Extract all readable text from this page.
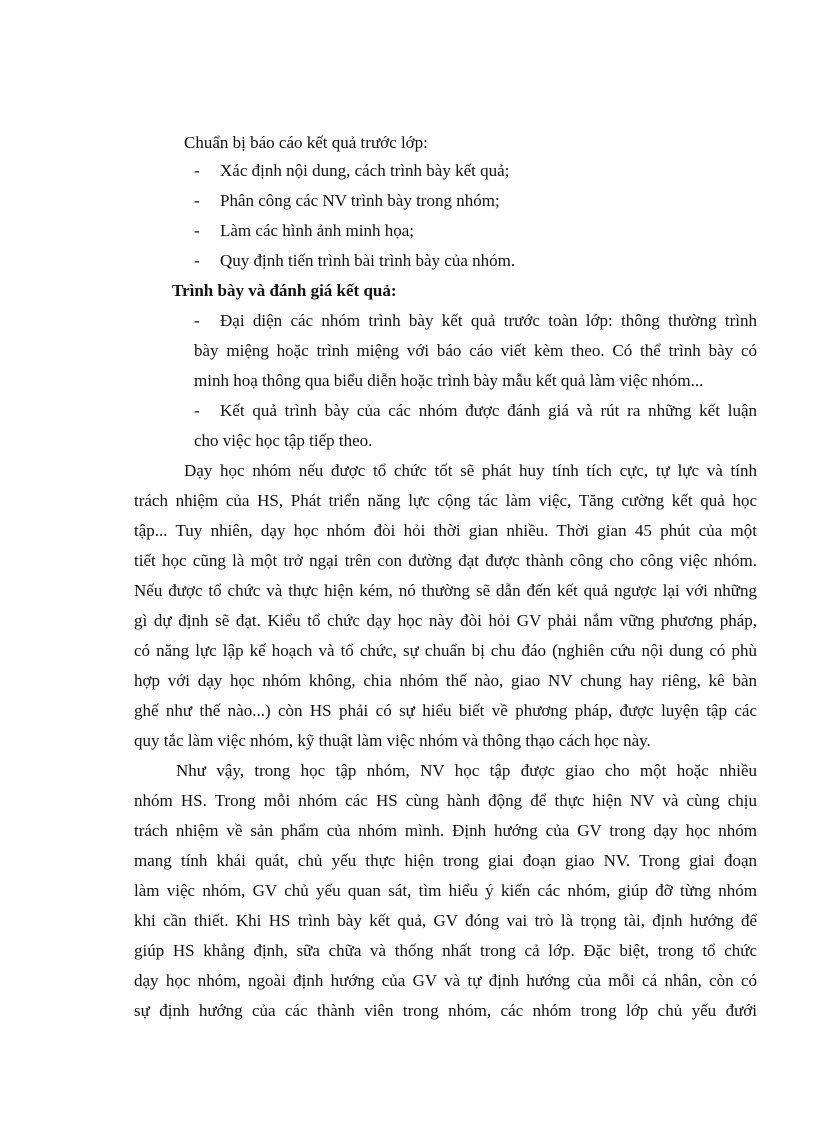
Chuẩn bị báo cáo kết quả trước lớp:
- Xác định nội dung, cách trình bày kết quả;
- Phân công các NV trình bày trong nhóm;
- Làm các hình ảnh minh họa;
- Quy định tiến trình bài trình bày của nhóm.
Trình bày và đánh giá kết quả:
- Đại diện các nhóm trình bày kết quả trước toàn lớp: thông thường trình
bày miệng hoặc trình miệng với báo cáo viết kèm theo. Có thể trình bày có
minh hoạ thông qua biểu diễn hoặc trình bày mẫu kết quả làm việc nhóm...
- Kết quả trình bày của các nhóm được đánh giá và rút ra những kết luận
cho việc học tập tiếp theo.
Dạy học nhóm nếu được tổ chức tốt sẽ phát huy tính tích cực, tự lực và tính
trách nhiệm của HS, Phát triển năng lực cộng tác làm việc, Tăng cường kết quả học
tập... Tuy nhiên, dạy học nhóm đòi hỏi thời gian nhiều. Thời gian 45 phút của một
tiết học cũng là một trở ngại trên con đường đạt được thành công cho công việc nhóm.
Nếu được tổ chức và thực hiện kém, nó thường sẽ dẫn đến kết quả ngược lại với những
gì dự định sẽ đạt. Kiểu tổ chức dạy học này đòi hỏi GV phải nắm vững phương pháp,
có năng lực lập kế hoạch và tổ chức, sự chuẩn bị chu đáo (nghiên cứu nội dung có phù
hợp với dạy học nhóm không, chia nhóm thế nào, giao NV chung hay riêng, kê bàn
ghế như thế nào...) còn HS phải có sự hiểu biết về phương pháp, được luyện tập các
quy tắc làm việc nhóm, kỹ thuật làm việc nhóm và thông thạo cách học này.
Như vậy, trong học tập nhóm, NV học tập được giao cho một hoặc nhiều
nhóm HS. Trong mỗi nhóm các HS cùng hành động để thực hiện NV và cùng chịu
trách nhiệm về sản phẩm của nhóm mình. Định hướng của GV trong dạy học nhóm
mang tính khái quát, chủ yếu thực hiện trong giai đoạn giao NV. Trong giai đoạn
làm việc nhóm, GV chủ yếu quan sát, tìm hiểu ý kiến các nhóm, giúp đỡ từng nhóm
khi cần thiết. Khi HS trình bày kết quả, GV đóng vai trò là trọng tài, định hướng để
giúp HS khẳng định, sữa chữa và thống nhất trong cả lớp. Đặc biệt, trong tổ chức
dạy học nhóm, ngoài định hướng của GV và tự định hướng của mỗi cá nhân, còn có
sự định hướng của các thành viên trong nhóm, các nhóm trong lớp chủ yếu đưới
